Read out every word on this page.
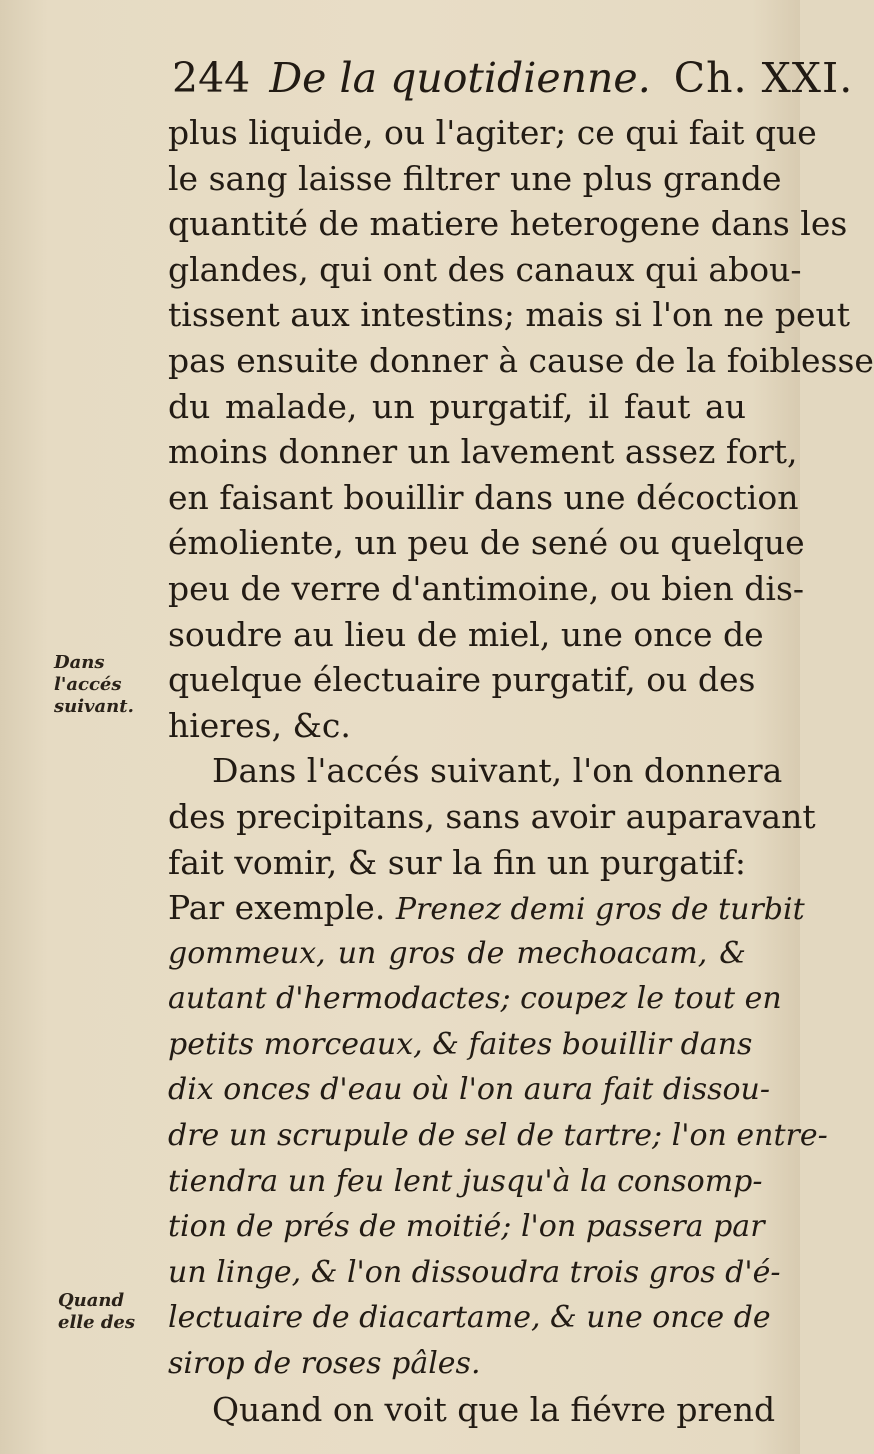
244 De la quotidienne. Ch. XXI.
plus liquide, ou l'agiter; ce qui fait que
le sang laisse filtrer une plus grande
quantité de matiere heterogene dans les
glandes, qui ont des canaux qui abou-
tissent aux intestins; mais si l'on ne peut
pas ensuite donner à cause de la foiblesse
du malade, un purgatif, il faut au
moins donner un lavement assez fort,
en faisant bouillir dans une décoction
émoliente, un peu de sené ou quelque
peu de verre d'antimoine, ou bien dis-
soudre au lieu de miel, une once de
quelque électuaire purgatif, ou des
hieres, &c.
Dans l'accés suivant, l'on donnera
des precipitans, sans avoir auparavant
fait vomir, & sur la fin un purgatif:
Par exemple. Prenez demi gros de turbit
gommeux, un gros de mechoacam, &
autant d'hermodactes; coupez le tout en
petits morceaux, & faites bouillir dans
dix onces d'eau où l'on aura fait dissou-
dre un scrupule de sel de tartre; l'on entre-
tiendra un feu lent jusqu'à la consomp-
tion de prés de moitié; l'on passera par
un linge, & l'on dissoudra trois gros d'é-
lectuaire de diacartame, & une once de
sirop de roses pâles.
Quand on voit que la fiévre prend
Dans
l'accés
suivant.
Quand
elle des
